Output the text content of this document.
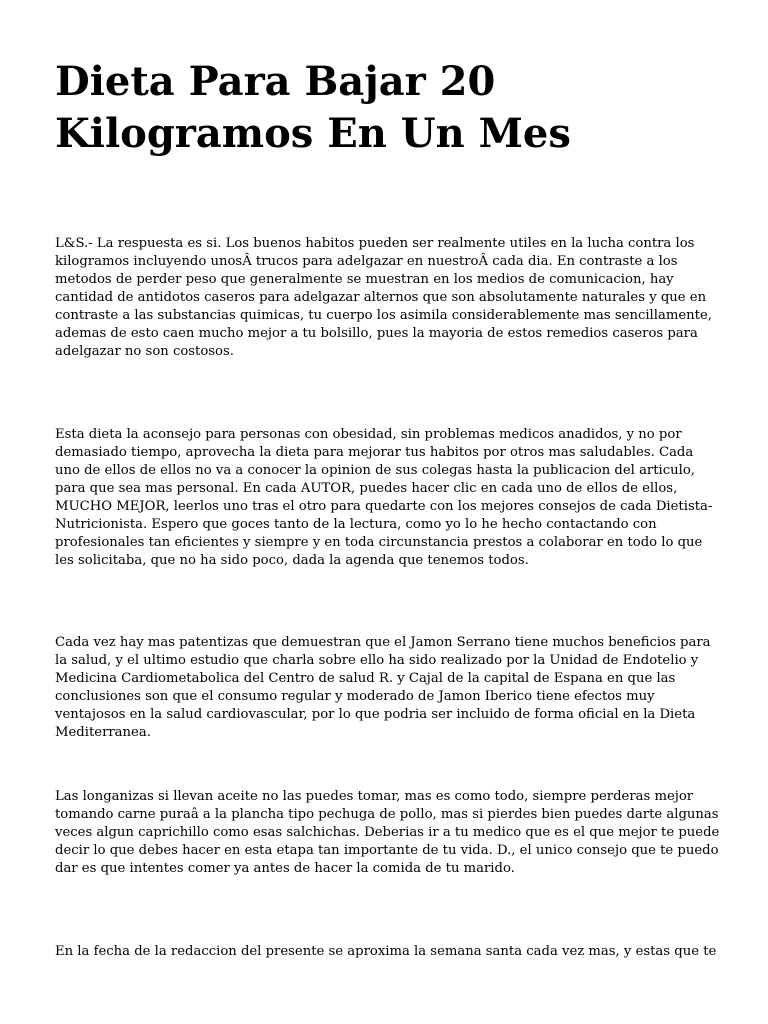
Dieta Para Bajar 20 Kilogramos En Un Mes

L&S.- La respuesta es si. Los buenos habitos pueden ser realmente utiles en la lucha contra los kilogramos incluyendo unosÂ trucos para adelgazar en nuestroÂ cada dia. En contraste a los metodos de perder peso que generalmente se muestran en los medios de comunicacion, hay cantidad de antidotos caseros para adelgazar alternos que son absolutamente naturales y que en contraste a las substancias quimicas, tu cuerpo los asimila considerablemente mas sencillamente, ademas de esto caen mucho mejor a tu bolsillo, pues la mayoria de estos remedios caseros para adelgazar no son costosos.

Esta dieta la aconsejo para personas con obesidad, sin problemas medicos anadidos, y no por demasiado tiempo, aprovecha la dieta para mejorar tus habitos por otros mas saludables. Cada uno de ellos de ellos no va a conocer la opinion de sus colegas hasta la publicacion del articulo, para que sea mas personal. En cada AUTOR, puedes hacer clic en cada uno de ellos de ellos, MUCHO MEJOR, leerlos uno tras el otro para quedarte con los mejores consejos de cada Dietista-Nutricionista. Espero que goces tanto de la lectura, como yo lo he hecho contactando con profesionales tan eficientes y siempre y en toda circunstancia prestos a colaborar en todo lo que les solicitaba, que no ha sido poco, dada la agenda que tenemos todos.

Cada vez hay mas patentizas que demuestran que el Jamon Serrano tiene muchos beneficios para la salud, y el ultimo estudio que charla sobre ello ha sido realizado por la Unidad de Endotelio y Medicina Cardiometabolica del Centro de salud R. y Cajal de la capital de Espana en que las conclusiones son que el consumo regular y moderado de Jamon Iberico tiene efectos muy ventajosos en la salud cardiovascular, por lo que podria ser incluido de forma oficial en la Dieta Mediterranea.

Las longanizas si llevan aceite no las puedes tomar, mas es como todo, siempre perderas mejor tomando carne puraâ a la plancha tipo pechuga de pollo, mas si pierdes bien puedes darte algunas veces algun caprichillo como esas salchichas. Deberias ir a tu medico que es el que mejor te puede decir lo que debes hacer en esta etapa tan importante de tu vida. D., el unico consejo que te puedo dar es que intentes comer ya antes de hacer la comida de tu marido.

En la fecha de la redaccion del presente se aproxima la semana santa cada vez mas, y estas que te
